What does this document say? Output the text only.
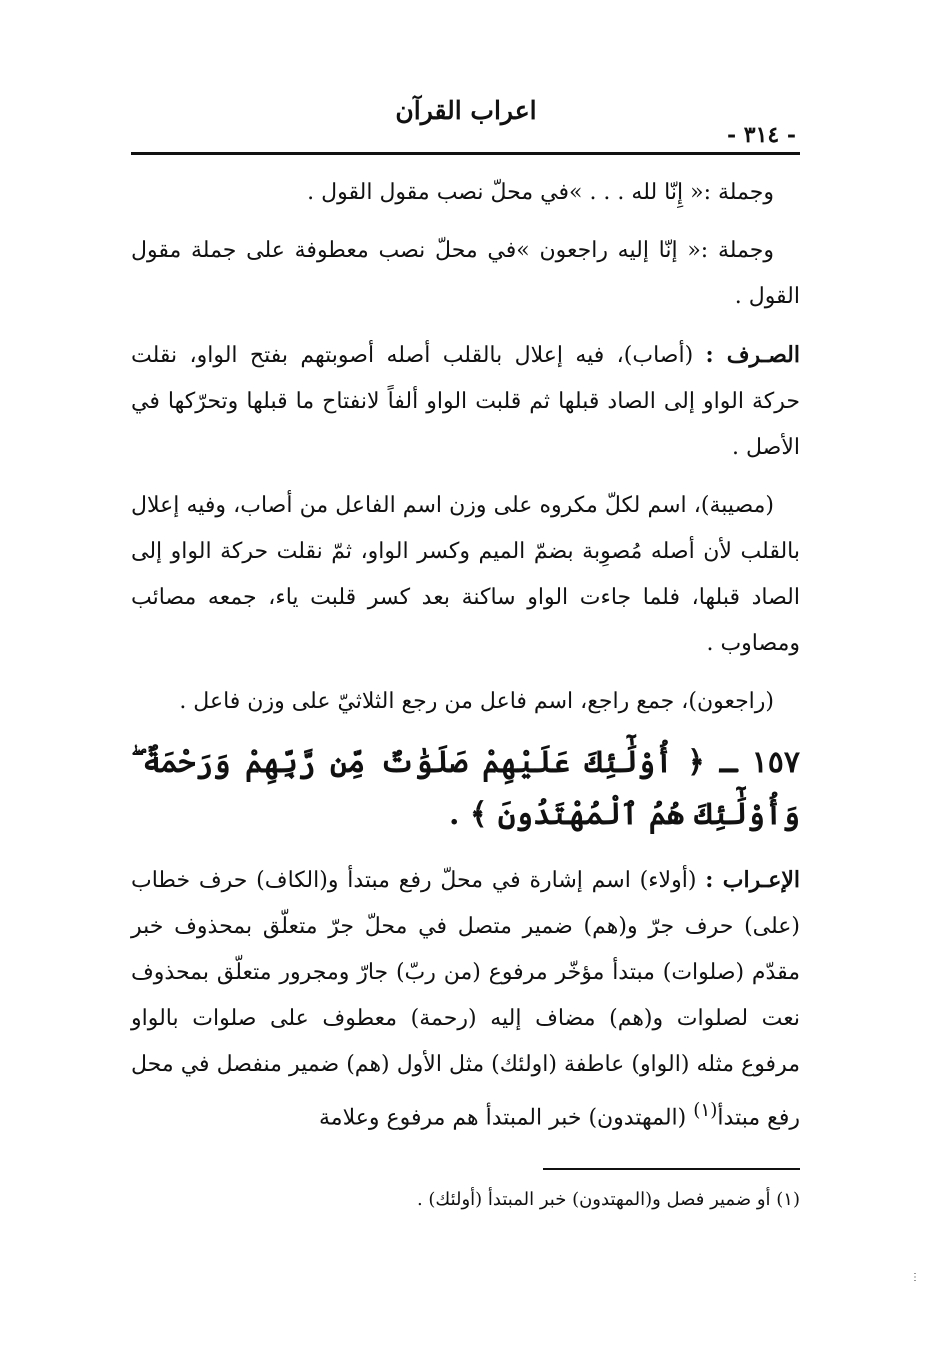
اعراب القرآن
- ٣١٤ -

وجملة :« إِنّا لله . . . »في محلّ نصب مقول القول .

وجملة :« إنّا إليه راجعون »في محلّ نصب معطوفة على جملة مقول القول .

الصـرف : (أصاب)، فيه إعلال بالقلب أصله أصوبتهم بفتح الواو، نقلت حركة الواو إلى الصاد قبلها ثم قلبت الواو ألفاً لانفتاح ما قبلها وتحرّكها في الأصل .

(مصيبة)، اسم لكلّ مكروه على وزن اسم الفاعل من أصاب، وفيه إعلال بالقلب لأن أصله مُصوِبة بضمّ الميم وكسر الواو، ثمّ نقلت حركة الواو إلى الصاد قبلها، فلما جاءت الواو ساكنة بعد كسر قلبت ياء، جمعه مصائب ومصاوب .

(راجعون)، جمع راجع، اسم فاعل من رجع الثلاثيّ على وزن فاعل .

١٥٧ ـ ﴿ أُوْلَٰٓئِكَ عَلَيْهِمْ صَلَوَٰتٌ مِّن رَّبِّهِمْ وَرَحْمَةٌ ۖ وَأُوْلَٰٓئِكَ هُمُ ٱلْمُهْتَدُونَ ﴾ .

الإعـراب : (أولاء) اسم إشارة في محلّ رفع مبتدأ و(الكاف) حرف خطاب (على) حرف جرّ و(هم) ضمير متصل في محلّ جرّ متعلّق بمحذوف خبر مقدّم (صلوات) مبتدأ مؤخّر مرفوع (من ربّ) جارّ ومجرور متعلّق بمحذوف نعت لصلوات و(هم) مضاف إليه (رحمة) معطوف على صلوات بالواو مرفوع مثله (الواو) عاطفة (اولئك) مثل الأول (هم) ضمير منفصل في محل رفع مبتدأ$^{(١)}$ (المهتدون) خبر المبتدأ هم مرفوع وعلامة

(١) أو ضمير فصل و(المهتدون) خبر المبتدأ (أولئك) .
⋮
